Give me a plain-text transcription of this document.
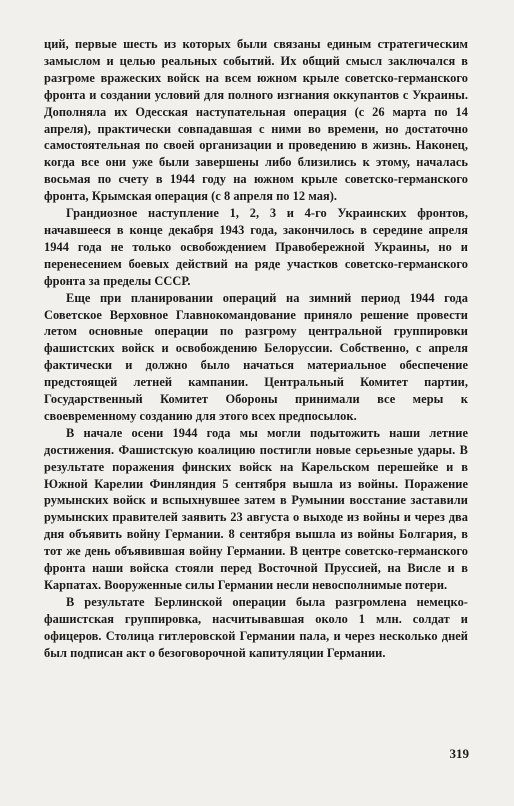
ций, первые шесть из которых были связаны единым стратегическим замыслом и целью реальных событий. Их общий смысл заключался в разгроме вражеских войск на всем южном крыле советско-германского фронта и создании условий для полного изгнания оккупантов с Украины. Дополняла их Одесская наступательная операция (с 26 марта по 14 апреля), практически совпадавшая с ними во времени, но достаточно самостоятельная по своей организации и проведению в жизнь. Наконец, когда все они уже были завершены либо близились к этому, началась восьмая по счету в 1944 году на южном крыле советско-германского фронта, Крымская операция (с 8 апреля по 12 мая).

Грандиозное наступление 1, 2, 3 и 4-го Украинских фронтов, начавшееся в конце декабря 1943 года, закончилось в середине апреля 1944 года не только освобождением Правобережной Украины, но и перенесением боевых действий на ряде участков советско-германского фронта за пределы СССР.

Еще при планировании операций на зимний период 1944 года Советское Верховное Главнокомандование приняло решение провести летом основные операции по разгрому центральной группировки фашистских войск и освобождению Белоруссии. Собственно, с апреля фактически и должно было начаться материальное обеспечение предстоящей летней кампании. Центральный Комитет партии, Государственный Комитет Обороны принимали все меры к своевременному созданию для этого всех предпосылок.

В начале осени 1944 года мы могли подытожить наши летние достижения. Фашистскую коалицию постигли новые серьезные удары. В результате поражения финских войск на Карельском перешейке и в Южной Карелии Финляндия 5 сентября вышла из войны. Поражение румынских войск и вспыхнувшее затем в Румынии восстание заставили румынских правителей заявить 23 августа о выходе из войны и через два дня объявить войну Германии. 8 сентября вышла из войны Болгария, в тот же день объявившая войну Германии. В центре советско-германского фронта наши войска стояли перед Восточной Пруссией, на Висле и в Карпатах. Вооруженные силы Германии несли невосполнимые потери.

В результате Берлинской операции была разгромлена немецко-фашистская группировка, насчитывавшая около 1 млн. солдат и офицеров. Столица гитлеровской Германии пала, и через несколько дней был подписан акт о безоговорочной капитуляции Германии.

319
